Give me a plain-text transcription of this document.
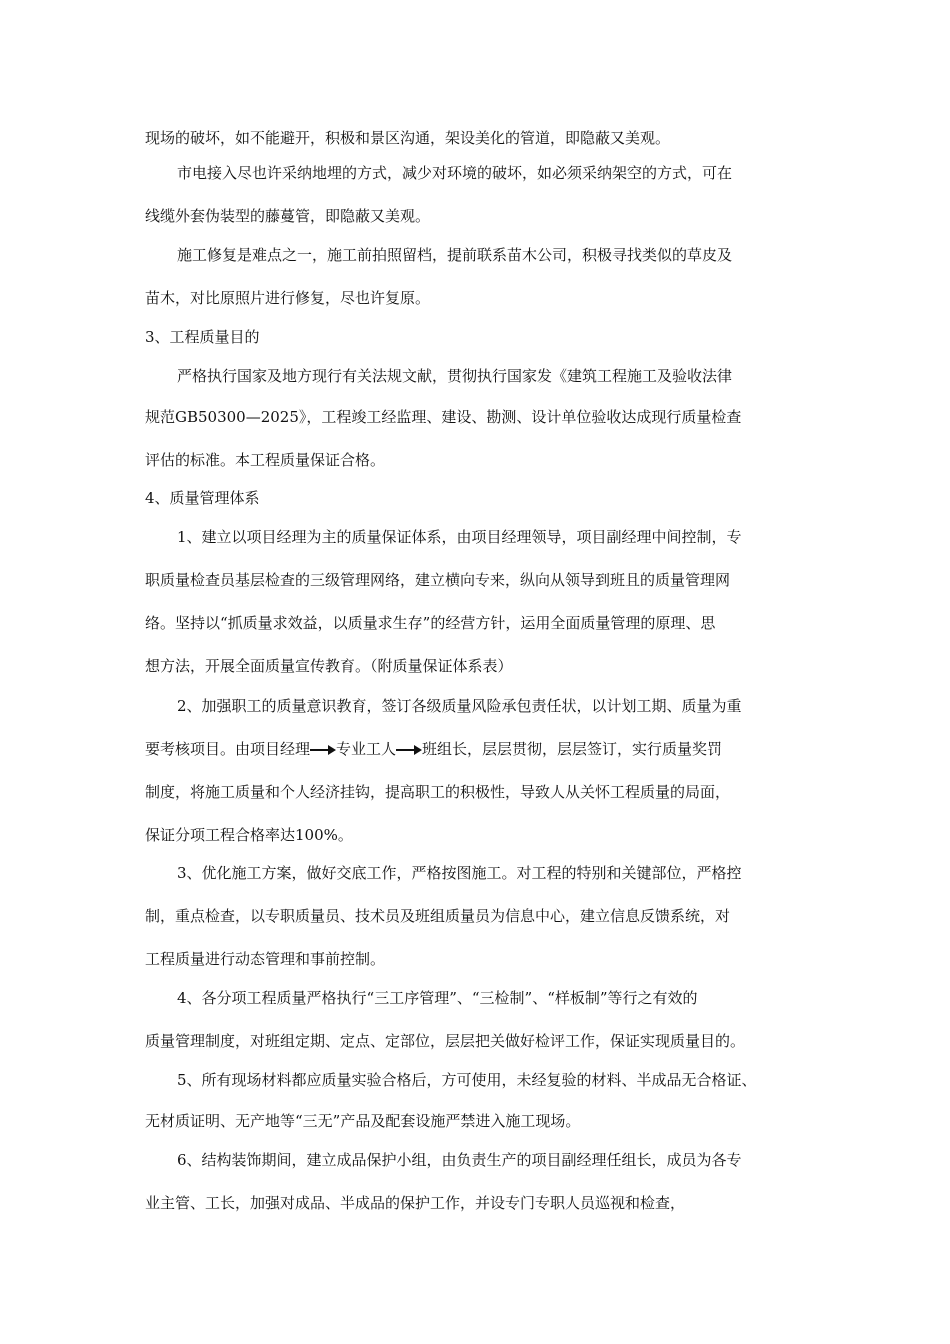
现场的破坏，如不能避开，积极和景区沟通，架设美化的管道，即隐蔽又美观。
市电接入尽也许采纳地埋的方式，减少对环境的破坏，如必须采纳架空的方式，可在
线缆外套伪装型的藤蔓管，即隐蔽又美观。
施工修复是难点之一，施工前拍照留档，提前联系苗木公司，积极寻找类似的草皮及
苗木，对比原照片进行修复，尽也许复原。
3、工程质量目的
严格执行国家及地方现行有关法规文献，贯彻执行国家发《建筑工程施工及验收法律
规范GB50300—2025》，工程竣工经监理、建设、勘测、设计单位验收达成现行质量检查
评估的标准。本工程质量保证合格。
4、质量管理体系
1、建立以项目经理为主的质量保证体系，由项目经理领导，项目副经理中间控制，专
职质量检查员基层检查的三级管理网络，建立横向专来，纵向从领导到班且的质量管理网
络。坚持以“抓质量求效益，以质量求生存”的经营方针，运用全面质量管理的原理、思
想方法，开展全面质量宣传教育。（附质量保证体系表）
2、加强职工的质量意识教育，签订各级质量风险承包责任状，以计划工期、质量为重
要考核项目。由项目经理 专业工人 班组长，层层贯彻，层层签订，实行质量奖罚
制度，将施工质量和个人经济挂钩，提高职工的积极性，导致人从关怀工程质量的局面，
保证分项工程合格率达100%。
3、优化施工方案，做好交底工作，严格按图施工。对工程的特别和关键部位，严格控
制，重点检查，以专职质量员、技术员及班组质量员为信息中心，建立信息反馈系统，对
工程质量进行动态管理和事前控制。
4、各分项工程质量严格执行“三工序管理”、“三检制”、“样板制”等行之有效的
质量管理制度，对班组定期、定点、定部位，层层把关做好检评工作，保证实现质量目的。
5、所有现场材料都应质量实验合格后，方可使用，未经复验的材料、半成品无合格证、
无材质证明、无产地等“三无”产品及配套设施严禁进入施工现场。
6、结构装饰期间，建立成品保护小组，由负责生产的项目副经理任组长，成员为各专
业主管、工长，加强对成品、半成品的保护工作，并设专门专职人员巡视和检查，
